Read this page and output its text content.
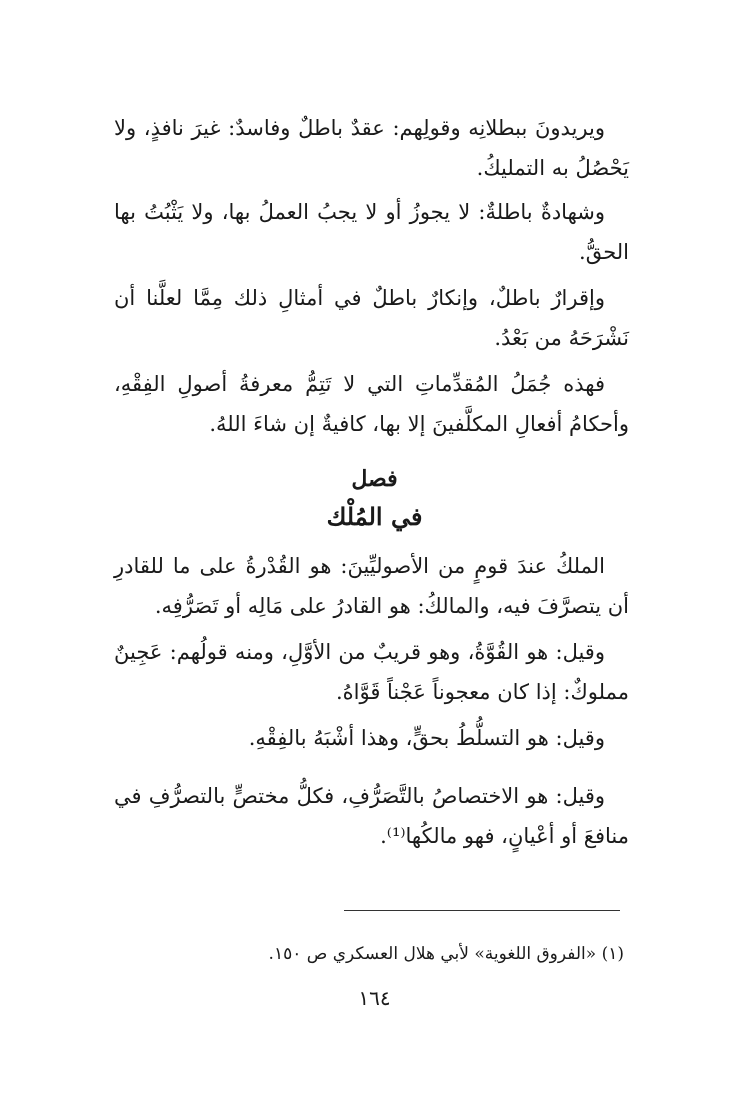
ويريدونَ ببطلانِه وقولِهم: عقدٌ باطلٌ وفاسدٌ: غيرَ نافذٍ، ولا يَحْصُلُ به التمليكُ.

وشهادةٌ باطلةٌ: لا يجوزُ أو لا يجبُ العملُ بها، ولا يَثْبُتُ بها الحقُّ.

وإقرارٌ باطلٌ، وإنكارٌ باطلٌ في أمثالِ ذلك مِمَّا لعلَّنا أن نَشْرَحَهُ من بَعْدُ.

فهذه جُمَلُ المُقدِّماتِ التي لا تَتِمُّ معرفةُ أصولِ الفِقْهِ، وأحكامُ أفعالِ المكلَّفينَ إلا بها، كافيةٌ إن شاءَ اللهُ.

فصل

في المُلْك

الملكُ عندَ قومٍ من الأصوليِّينَ: هو القُدْرةُ على ما للقادرِ أن يتصرَّفَ فيه، والمالكُ: هو القادرُ على مَالِه أو تَصَرُّفِه.

وقيل: هو القُوَّةُ، وهو قريبٌ من الأوَّلِ، ومنه قولُهم: عَجِينٌ مملوكٌ: إذا كان معجوناً عَجْناً قَوَّاهُ.

وقيل: هو التسلُّطُ بحقٍّ، وهذا أشْبَهُ بالفِقْهِ.

وقيل: هو الاختصاصُ بالتَّصَرُّفِ، فكلُّ مختصٍّ بالتصرُّفِ في منافعَ أو أعْيانٍ، فهو مالكُها⁽¹⁾.

(١) «الفروق اللغوية» لأبي هلال العسكري ص ١٥٠.

١٦٤
